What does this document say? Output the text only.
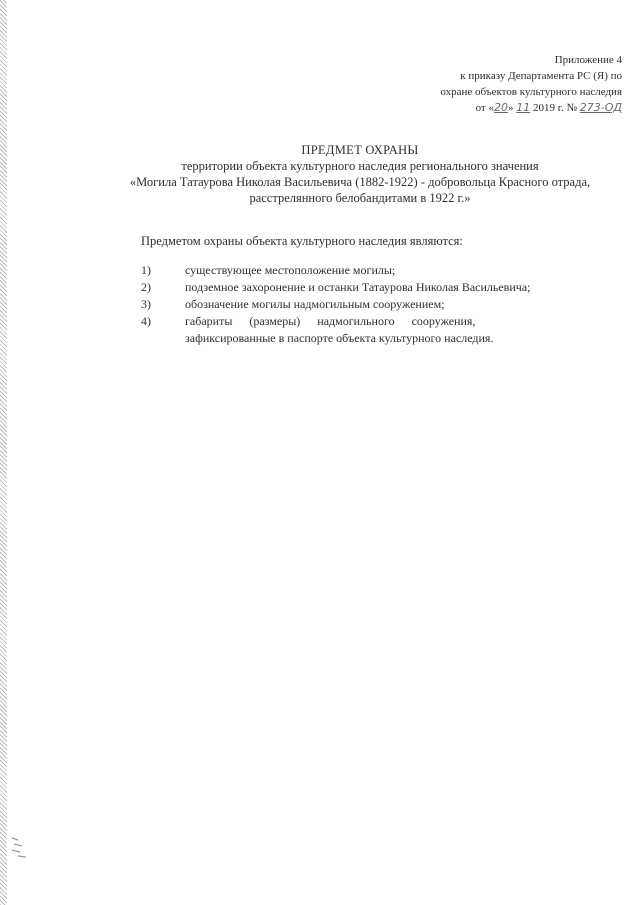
Приложение 4
к приказу Департамента РС (Я) по
охране объектов культурного наследия
от «20» 11 2019 г. № 273-ОД
ПРЕДМЕТ ОХРАНЫ
территории объекта культурного наследия регионального значения
«Могила Татаурова Николая Васильевича (1882-1922) - добровольца Красного отрада,
расстрелянного белобандитами в 1922 г.»
Предметом охраны объекта культурного наследия являются:
1)	существующее местоположение могилы;
2)	подземное захоронение и останки Татаурова Николая Васильевича;
3)	обозначение могилы надмогильным сооружением;
4)	габариты (размеры) надмогильного сооружения,
зафиксированные в паспорте объекта культурного наследия.
